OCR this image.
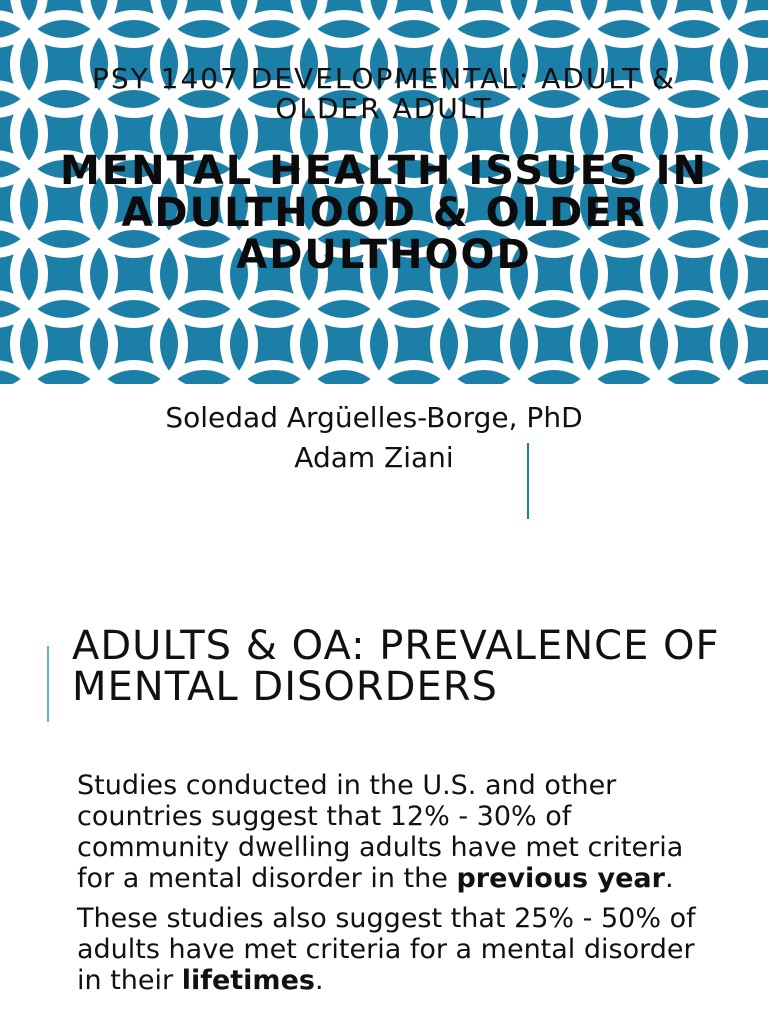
PSY 1407 DEVELOPMENTAL: ADULT & OLDER ADULT
MENTAL HEALTH ISSUES IN ADULTHOOD & OLDER ADULTHOOD
Soledad Argüelles-Borge, PhD
Adam Ziani
ADULTS & OA: PREVALENCE OF MENTAL DISORDERS

Studies conducted in the U.S. and other countries suggest that 12% - 30% of community dwelling adults have met criteria for a mental disorder in the previous year.

These studies also suggest that 25% - 50% of adults have met criteria for a mental disorder in their lifetimes.
